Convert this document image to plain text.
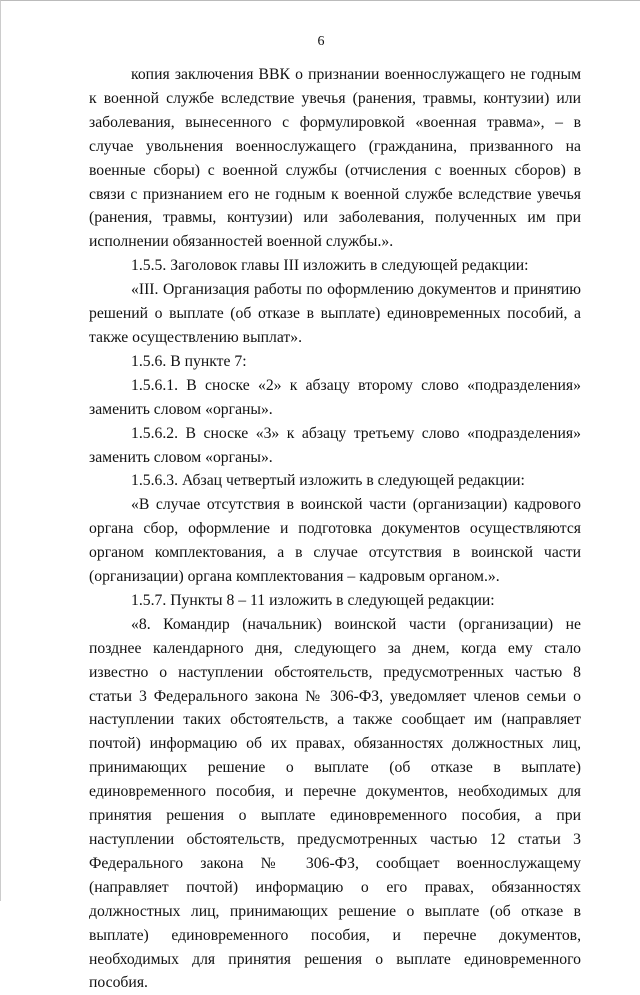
6

копия заключения ВВК о признании военнослужащего не годным к военной службе вследствие увечья (ранения, травмы, контузии) или заболевания, вынесенного с формулировкой «военная травма», – в случае увольнения военнослужащего (гражданина, призванного на военные сборы) с военной службы (отчисления с военных сборов) в связи с признанием его не годным к военной службе вследствие увечья (ранения, травмы, контузии) или заболевания, полученных им при исполнении обязанностей военной службы.».

1.5.5. Заголовок главы III изложить в следующей редакции:

«III. Организация работы по оформлению документов и принятию решений о выплате (об отказе в выплате) единовременных пособий, а также осуществлению выплат».

1.5.6. В пункте 7:

1.5.6.1. В сноске «2» к абзацу второму слово «подразделения» заменить словом «органы».

1.5.6.2. В сноске «3» к абзацу третьему слово «подразделения» заменить словом «органы».

1.5.6.3. Абзац четвертый изложить в следующей редакции:

«В случае отсутствия в воинской части (организации) кадрового органа сбор, оформление и подготовка документов осуществляются органом комплектования, а в случае отсутствия в воинской части (организации) органа комплектования – кадровым органом.».

1.5.7. Пункты 8 – 11 изложить в следующей редакции:

«8. Командир (начальник) воинской части (организации) не позднее календарного дня, следующего за днем, когда ему стало известно о наступлении обстоятельств, предусмотренных частью 8 статьи 3 Федерального закона № 306-ФЗ, уведомляет членов семьи о наступлении таких обстоятельств, а также сообщает им (направляет почтой) информацию об их правах, обязанностях должностных лиц, принимающих решение о выплате (об отказе в выплате) единовременного пособия, и перечне документов, необходимых для принятия решения о выплате единовременного пособия, а при наступлении обстоятельств, предусмотренных частью 12 статьи 3 Федерального закона № 306-ФЗ, сообщает военнослужащему (направляет почтой) информацию о его правах, обязанностях должностных лиц, принимающих решение о выплате (об отказе в выплате) единовременного пособия, и перечне документов, необходимых для принятия решения о выплате единовременного пособия.
